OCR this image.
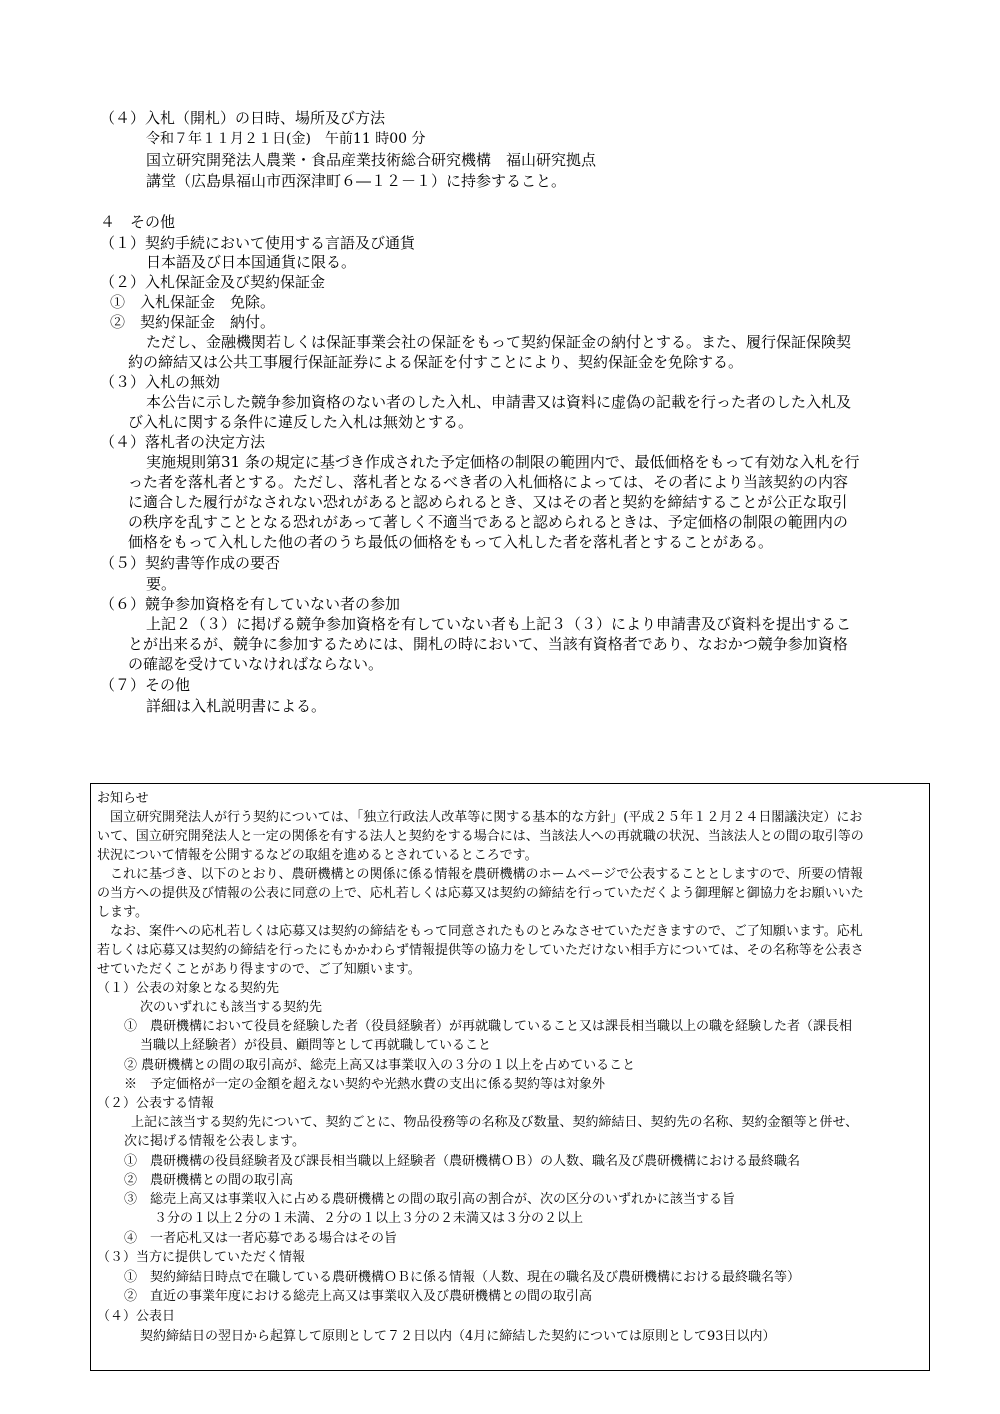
（４）入札（開札）の日時、場所及び方法
令和７年１１月２１日(金)　午前11 時00 分
国立研究開発法人農業・食品産業技術総合研究機構　福山研究拠点
講堂（広島県福山市西深津町６―１２－１）に持参すること。
４　その他
（１）契約手続において使用する言語及び通貨
日本語及び日本国通貨に限る。
（２）入札保証金及び契約保証金
①　入札保証金　免除。
②　契約保証金　納付。
ただし、金融機関若しくは保証事業会社の保証をもって契約保証金の納付とする。また、履行保証保険契
約の締結又は公共工事履行保証証券による保証を付すことにより、契約保証金を免除する。
（３）入札の無効
本公告に示した競争参加資格のない者のした入札、申請書又は資料に虚偽の記載を行った者のした入札及
び入札に関する条件に違反した入札は無効とする。
（４）落札者の決定方法
実施規則第31 条の規定に基づき作成された予定価格の制限の範囲内で、最低価格をもって有効な入札を行
った者を落札者とする。ただし、落札者となるべき者の入札価格によっては、その者により当該契約の内容
に適合した履行がなされない恐れがあると認められるとき、又はその者と契約を締結することが公正な取引
の秩序を乱すこととなる恐れがあって著しく不適当であると認められるときは、予定価格の制限の範囲内の
価格をもって入札した他の者のうち最低の価格をもって入札した者を落札者とすることがある。
（５）契約書等作成の要否
要。
（６）競争参加資格を有していない者の参加
上記２（３）に掲げる競争参加資格を有していない者も上記３（３）により申請書及び資料を提出するこ
とが出来るが、競争に参加するためには、開札の時において、当該有資格者であり、なおかつ競争参加資格
の確認を受けていなければならない。
（７）その他
詳細は入札説明書による。
お知らせ
国立研究開発法人が行う契約については、「独立行政法人改革等に関する基本的な方針」(平成２５年１２月２４日閣議決定）にお
いて、国立研究開発法人と一定の関係を有する法人と契約をする場合には、当該法人への再就職の状況、当該法人との間の取引等の
状況について情報を公開するなどの取組を進めるとされているところです。
これに基づき、以下のとおり、農研機構との関係に係る情報を農研機構のホームページで公表することとしますので、所要の情報
の当方への提供及び情報の公表に同意の上で、応札若しくは応募又は契約の締結を行っていただくよう御理解と御協力をお願いいた
します。
なお、案件への応札若しくは応募又は契約の締結をもって同意されたものとみなさせていただきますので、ご了知願います。応札
若しくは応募又は契約の締結を行ったにもかかわらず情報提供等の協力をしていただけない相手方については、その名称等を公表さ
せていただくことがあり得ますので、ご了知願います。
（１）公表の対象となる契約先
次のいずれにも該当する契約先
①　農研機構において役員を経験した者（役員経験者）が再就職していること又は課長相当職以上の職を経験した者（課長相
当職以上経験者）が役員、顧問等として再就職していること
② 農研機構との間の取引高が、総売上高又は事業収入の３分の１以上を占めていること
※　予定価格が一定の金額を超えない契約や光熱水費の支出に係る契約等は対象外
（２）公表する情報
上記に該当する契約先について、契約ごとに、物品役務等の名称及び数量、契約締結日、契約先の名称、契約金額等と併せ、
次に掲げる情報を公表します。
①　農研機構の役員経験者及び課長相当職以上経験者（農研機構ＯＢ）の人数、職名及び農研機構における最終職名
②　農研機構との間の取引高
③　総売上高又は事業収入に占める農研機構との間の取引高の割合が、次の区分のいずれかに該当する旨
３分の１以上２分の１未満、２分の１以上３分の２未満又は３分の２以上
④　一者応札又は一者応募である場合はその旨
（３）当方に提供していただく情報
①　契約締結日時点で在職している農研機構ＯＢに係る情報（人数、現在の職名及び農研機構における最終職名等）
②　直近の事業年度における総売上高又は事業収入及び農研機構との間の取引高
（４）公表日
契約締結日の翌日から起算して原則として７２日以内（4月に締結した契約については原則として93日以内）
